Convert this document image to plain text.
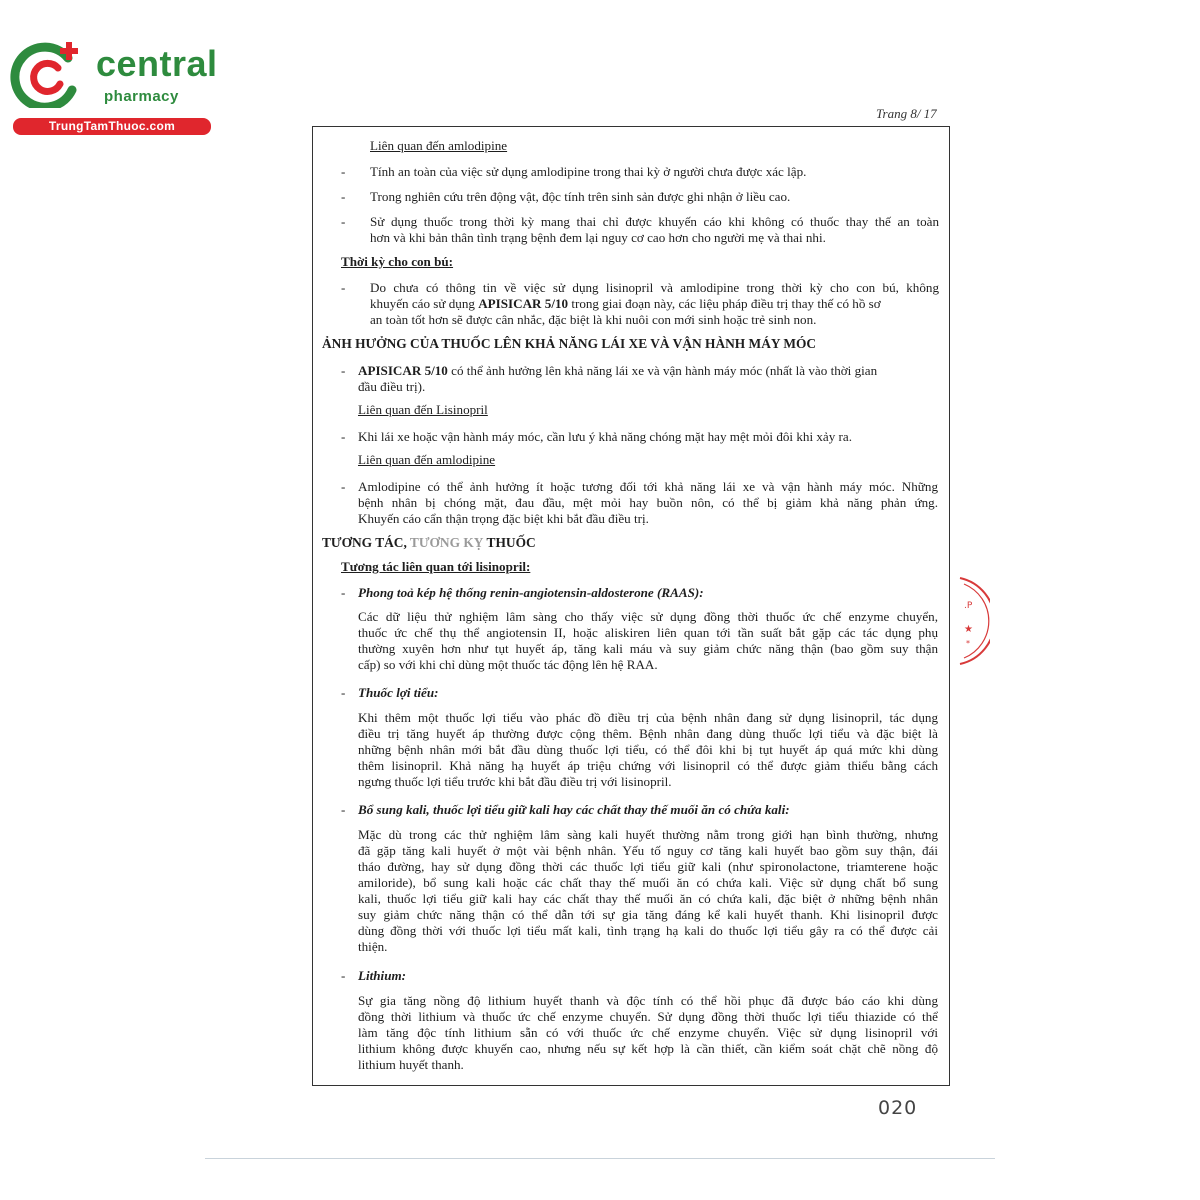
central
pharmacy
TrungTamThuoc.com
Trang 8/ 17
Liên quan đến amlodipine
- Tính an toàn của việc sử dụng amlodipine trong thai kỳ ở người chưa được xác lập.
- Trong nghiên cứu trên động vật, độc tính trên sinh sản được ghi nhận ở liều cao.
- Sử dụng thuốc trong thời kỳ mang thai chỉ được khuyến cáo khi không có thuốc thay thế an toàn
hơn và khi bản thân tình trạng bệnh đem lại nguy cơ cao hơn cho người mẹ và thai nhi.
Thời kỳ cho con bú:
- Do chưa có thông tin về việc sử dụng lisinopril và amlodipine trong thời kỳ cho con bú, không
khuyến cáo sử dụng APISICAR 5/10 trong giai đoạn này, các liệu pháp điều trị thay thế có hồ sơ
an toàn tốt hơn sẽ được cân nhắc, đặc biệt là khi nuôi con mới sinh hoặc trẻ sinh non.
ẢNH HƯỞNG CỦA THUỐC LÊN KHẢ NĂNG LÁI XE VÀ VẬN HÀNH MÁY MÓC
- APISICAR 5/10 có thể ảnh hưởng lên khả năng lái xe và vận hành máy móc (nhất là vào thời gian
đầu điều trị).
Liên quan đến Lisinopril
- Khi lái xe hoặc vận hành máy móc, cần lưu ý khả năng chóng mặt hay mệt mỏi đôi khi xảy ra.
Liên quan đến amlodipine
- Amlodipine có thể ảnh hưởng ít hoặc tương đối tới khả năng lái xe và vận hành máy móc. Những
bệnh nhân bị chóng mặt, đau đầu, mệt mỏi hay buồn nôn, có thể bị giảm khả năng phản ứng.
Khuyến cáo cẩn thận trọng đặc biệt khi bắt đầu điều trị.
TƯƠNG TÁC, TƯƠNG KỴ THUỐC
Tương tác liên quan tới lisinopril:
- Phong toả kép hệ thống renin-angiotensin-aldosterone (RAAS):
Các dữ liệu thử nghiệm lâm sàng cho thấy việc sử dụng đồng thời thuốc ức chế enzyme chuyển,
thuốc ức chế thụ thể angiotensin II, hoặc aliskiren liên quan tới tần suất bắt gặp các tác dụng phụ
thường xuyên hơn như tụt huyết áp, tăng kali máu và suy giảm chức năng thận (bao gồm suy thận
cấp) so với khi chỉ dùng một thuốc tác động lên hệ RAA.
- Thuốc lợi tiểu:
Khi thêm một thuốc lợi tiểu vào phác đồ điều trị của bệnh nhân đang sử dụng lisinopril, tác dụng
điều trị tăng huyết áp thường được cộng thêm. Bệnh nhân đang dùng thuốc lợi tiểu và đặc biệt là
những bệnh nhân mới bắt đầu dùng thuốc lợi tiểu, có thể đôi khi bị tụt huyết áp quá mức khi dùng
thêm lisinopril. Khả năng hạ huyết áp triệu chứng với lisinopril có thể được giảm thiểu bằng cách
ngưng thuốc lợi tiểu trước khi bắt đầu điều trị với lisinopril.
- Bổ sung kali, thuốc lợi tiểu giữ kali hay các chất thay thế muối ăn có chứa kali:
Mặc dù trong các thử nghiệm lâm sàng kali huyết thường nằm trong giới hạn bình thường, nhưng
đã gặp tăng kali huyết ở một vài bệnh nhân. Yếu tố nguy cơ tăng kali huyết bao gồm suy thận, đái
tháo đường, hay sử dụng đồng thời các thuốc lợi tiểu giữ kali (như spironolactone, triamterene hoặc
amiloride), bổ sung kali hoặc các chất thay thế muối ăn có chứa kali. Việc sử dụng chất bổ sung
kali, thuốc lợi tiểu giữ kali hay các chất thay thế muối ăn có chứa kali, đặc biệt ở những bệnh nhân
suy giảm chức năng thận có thể dẫn tới sự gia tăng đáng kể kali huyết thanh. Khi lisinopril được
dùng đồng thời với thuốc lợi tiểu mất kali, tình trạng hạ kali do thuốc lợi tiểu gây ra có thể được cải
thiện.
- Lithium:
Sự gia tăng nồng độ lithium huyết thanh và độc tính có thể hồi phục đã được báo cáo khi dùng
đồng thời lithium và thuốc ức chế enzyme chuyển. Sử dụng đồng thời thuốc lợi tiểu thiazide có thể
làm tăng độc tính lithium sẵn có với thuốc ức chế enzyme chuyển. Việc sử dụng lisinopril với
lithium không được khuyến cao, nhưng nếu sự kết hợp là cần thiết, cần kiểm soát chặt chẽ nồng độ
lithium huyết thanh.
.P
★
*
020
